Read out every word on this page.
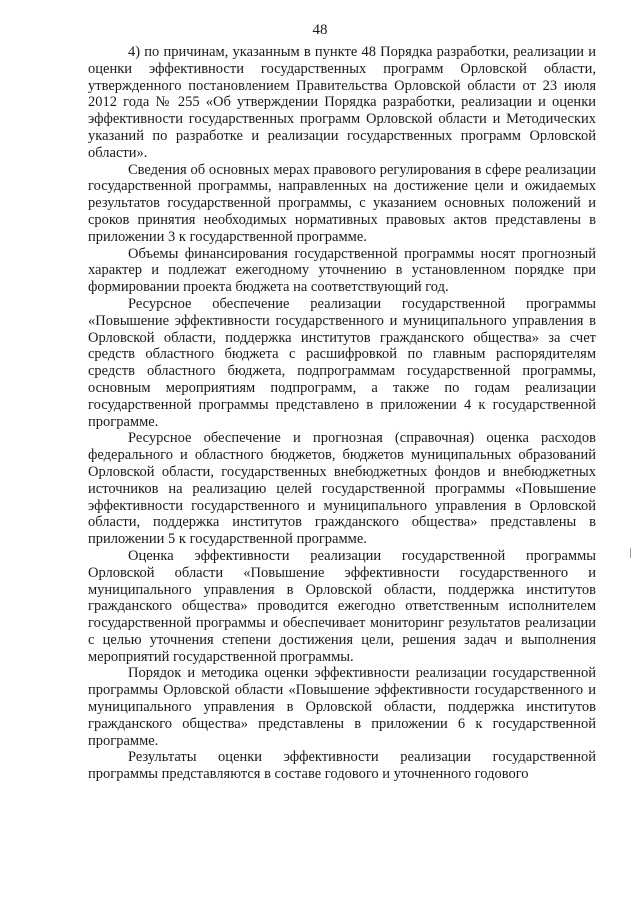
48

4) по причинам, указанным в пункте 48 Порядка разработки, реализации и оценки эффективности государственных программ Орловской области, утвержденного постановлением Правительства Орловской области от 23 июля 2012 года № 255 «Об утверждении Порядка разработки, реализации и оценки эффективности государственных программ Орловской области и Методических указаний по разработке и реализации государственных программ Орловской области».

Сведения об основных мерах правового регулирования в сфере реализации государственной программы, направленных на достижение цели и ожидаемых результатов государственной программы, с указанием основных положений и сроков принятия необходимых нормативных правовых актов представлены в приложении 3 к государственной программе.

Объемы финансирования государственной программы носят прогнозный характер и подлежат ежегодному уточнению в установленном порядке при формировании проекта бюджета на соответствующий год.

Ресурсное обеспечение реализации государственной программы «Повышение эффективности государственного и муниципального управления в Орловской области, поддержка институтов гражданского общества» за счет средств областного бюджета с расшифровкой по главным распорядителям средств областного бюджета, подпрограммам государственной программы, основным мероприятиям подпрограмм, а также по годам реализации государственной программы представлено в приложении 4 к государственной программе.

Ресурсное обеспечение и прогнозная (справочная) оценка расходов федерального и областного бюджетов, бюджетов муниципальных образований Орловской области, государственных внебюджетных фондов и внебюджетных источников на реализацию целей государственной программы «Повышение эффективности государственного и муниципального управления в Орловской области, поддержка институтов гражданского общества» представлены в приложении 5 к государственной программе.

Оценка эффективности реализации государственной программы Орловской области «Повышение эффективности государственного и муниципального управления в Орловской области, поддержка институтов гражданского общества» проводится ежегодно ответственным исполнителем государственной программы и обеспечивает мониторинг результатов реализации с целью уточнения степени достижения цели, решения задач и выполнения мероприятий государственной программы.

Порядок и методика оценки эффективности реализации государственной программы Орловской области «Повышение эффективности государственного и муниципального управления в Орловской области, поддержка институтов гражданского общества» представлены в приложении 6 к государственной программе.

Результаты оценки эффективности реализации государственной программы представляются в составе годового и уточненного годового
